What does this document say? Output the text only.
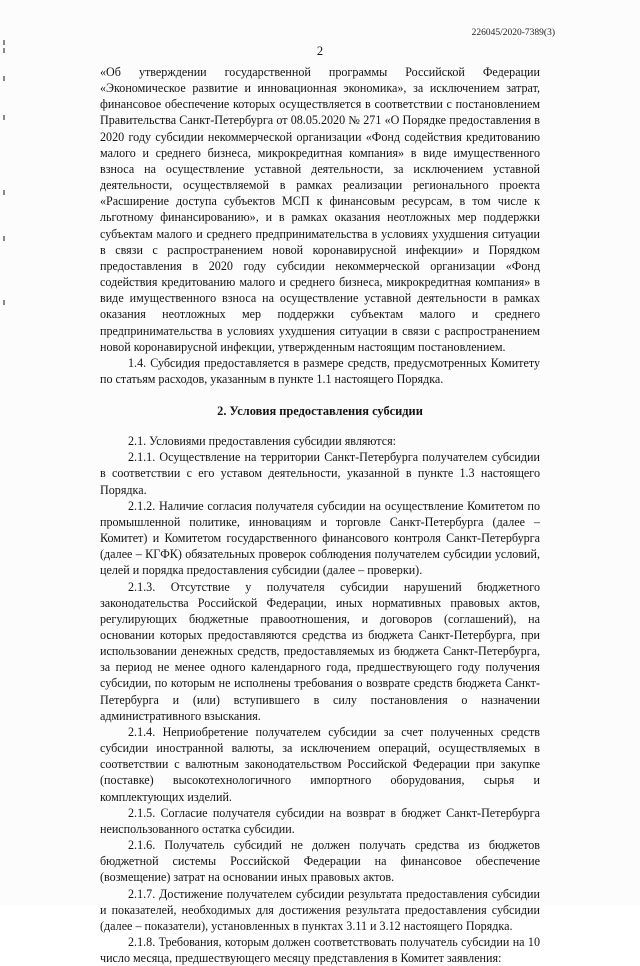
226045/2020-7389(3)
2

«Об утверждении государственной программы Российской Федерации «Экономическое развитие и инновационная экономика», за исключением затрат, финансовое обеспечение которых осуществляется в соответствии с постановлением Правительства Санкт-Петербурга от 08.05.2020 № 271 «О Порядке предоставления в 2020 году субсидии некоммерческой организации «Фонд содействия кредитованию малого и среднего бизнеса, микрокредитная компания» в виде имущественного взноса на осуществление уставной деятельности, за исключением уставной деятельности, осуществляемой в рамках реализации регионального проекта «Расширение доступа субъектов МСП к финансовым ресурсам, в том числе к льготному финансированию», и в рамках оказания неотложных мер поддержки субъектам малого и среднего предпринимательства в условиях ухудшения ситуации в связи с распространением новой коронавирусной инфекции» и Порядком предоставления в 2020 году субсидии некоммерческой организации «Фонд содействия кредитованию малого и среднего бизнеса, микрокредитная компания» в виде имущественного взноса на осуществление уставной деятельности в рамках оказания неотложных мер поддержки субъектам малого и среднего предпринимательства в условиях ухудшения ситуации в связи с распространением новой коронавирусной инфекции, утвержденным настоящим постановлением.

1.4. Субсидия предоставляется в размере средств, предусмотренных Комитету по статьям расходов, указанным в пункте 1.1 настоящего Порядка.

2. Условия предоставления субсидии

2.1. Условиями предоставления субсидии являются:

2.1.1. Осуществление на территории Санкт-Петербурга получателем субсидии в соответствии с его уставом деятельности, указанной в пункте 1.3 настоящего Порядка.

2.1.2. Наличие согласия получателя субсидии на осуществление Комитетом по промышленной политике, инновациям и торговле Санкт-Петербурга (далее – Комитет) и Комитетом государственного финансового контроля Санкт-Петербурга (далее – КГФК) обязательных проверок соблюдения получателем субсидии условий, целей и порядка предоставления субсидии (далее – проверки).

2.1.3. Отсутствие у получателя субсидии нарушений бюджетного законодательства Российской Федерации, иных нормативных правовых актов, регулирующих бюджетные правоотношения, и договоров (соглашений), на основании которых предоставляются средства из бюджета Санкт-Петербурга, при использовании денежных средств, предоставляемых из бюджета Санкт-Петербурга, за период не менее одного календарного года, предшествующего году получения субсидии, по которым не исполнены требования о возврате средств бюджета Санкт-Петербурга и (или) вступившего в силу постановления о назначении административного взыскания.

2.1.4. Неприобретение получателем субсидии за счет полученных средств субсидии иностранной валюты, за исключением операций, осуществляемых в соответствии с валютным законодательством Российской Федерации при закупке (поставке) высокотехнологичного импортного оборудования, сырья и комплектующих изделий.

2.1.5. Согласие получателя субсидии на возврат в бюджет Санкт-Петербурга неиспользованного остатка субсидии.

2.1.6. Получатель субсидий не должен получать средства из бюджетов бюджетной системы Российской Федерации на финансовое обеспечение (возмещение) затрат на основании иных правовых актов.

2.1.7. Достижение получателем субсидии результата предоставления субсидии и показателей, необходимых для достижения результата предоставления субсидии (далее – показатели), установленных в пунктах 3.11 и 3.12 настоящего Порядка.

2.1.8. Требования, которым должен соответствовать получатель субсидии на 10 число месяца, предшествующего месяцу представления в Комитет заявления:
